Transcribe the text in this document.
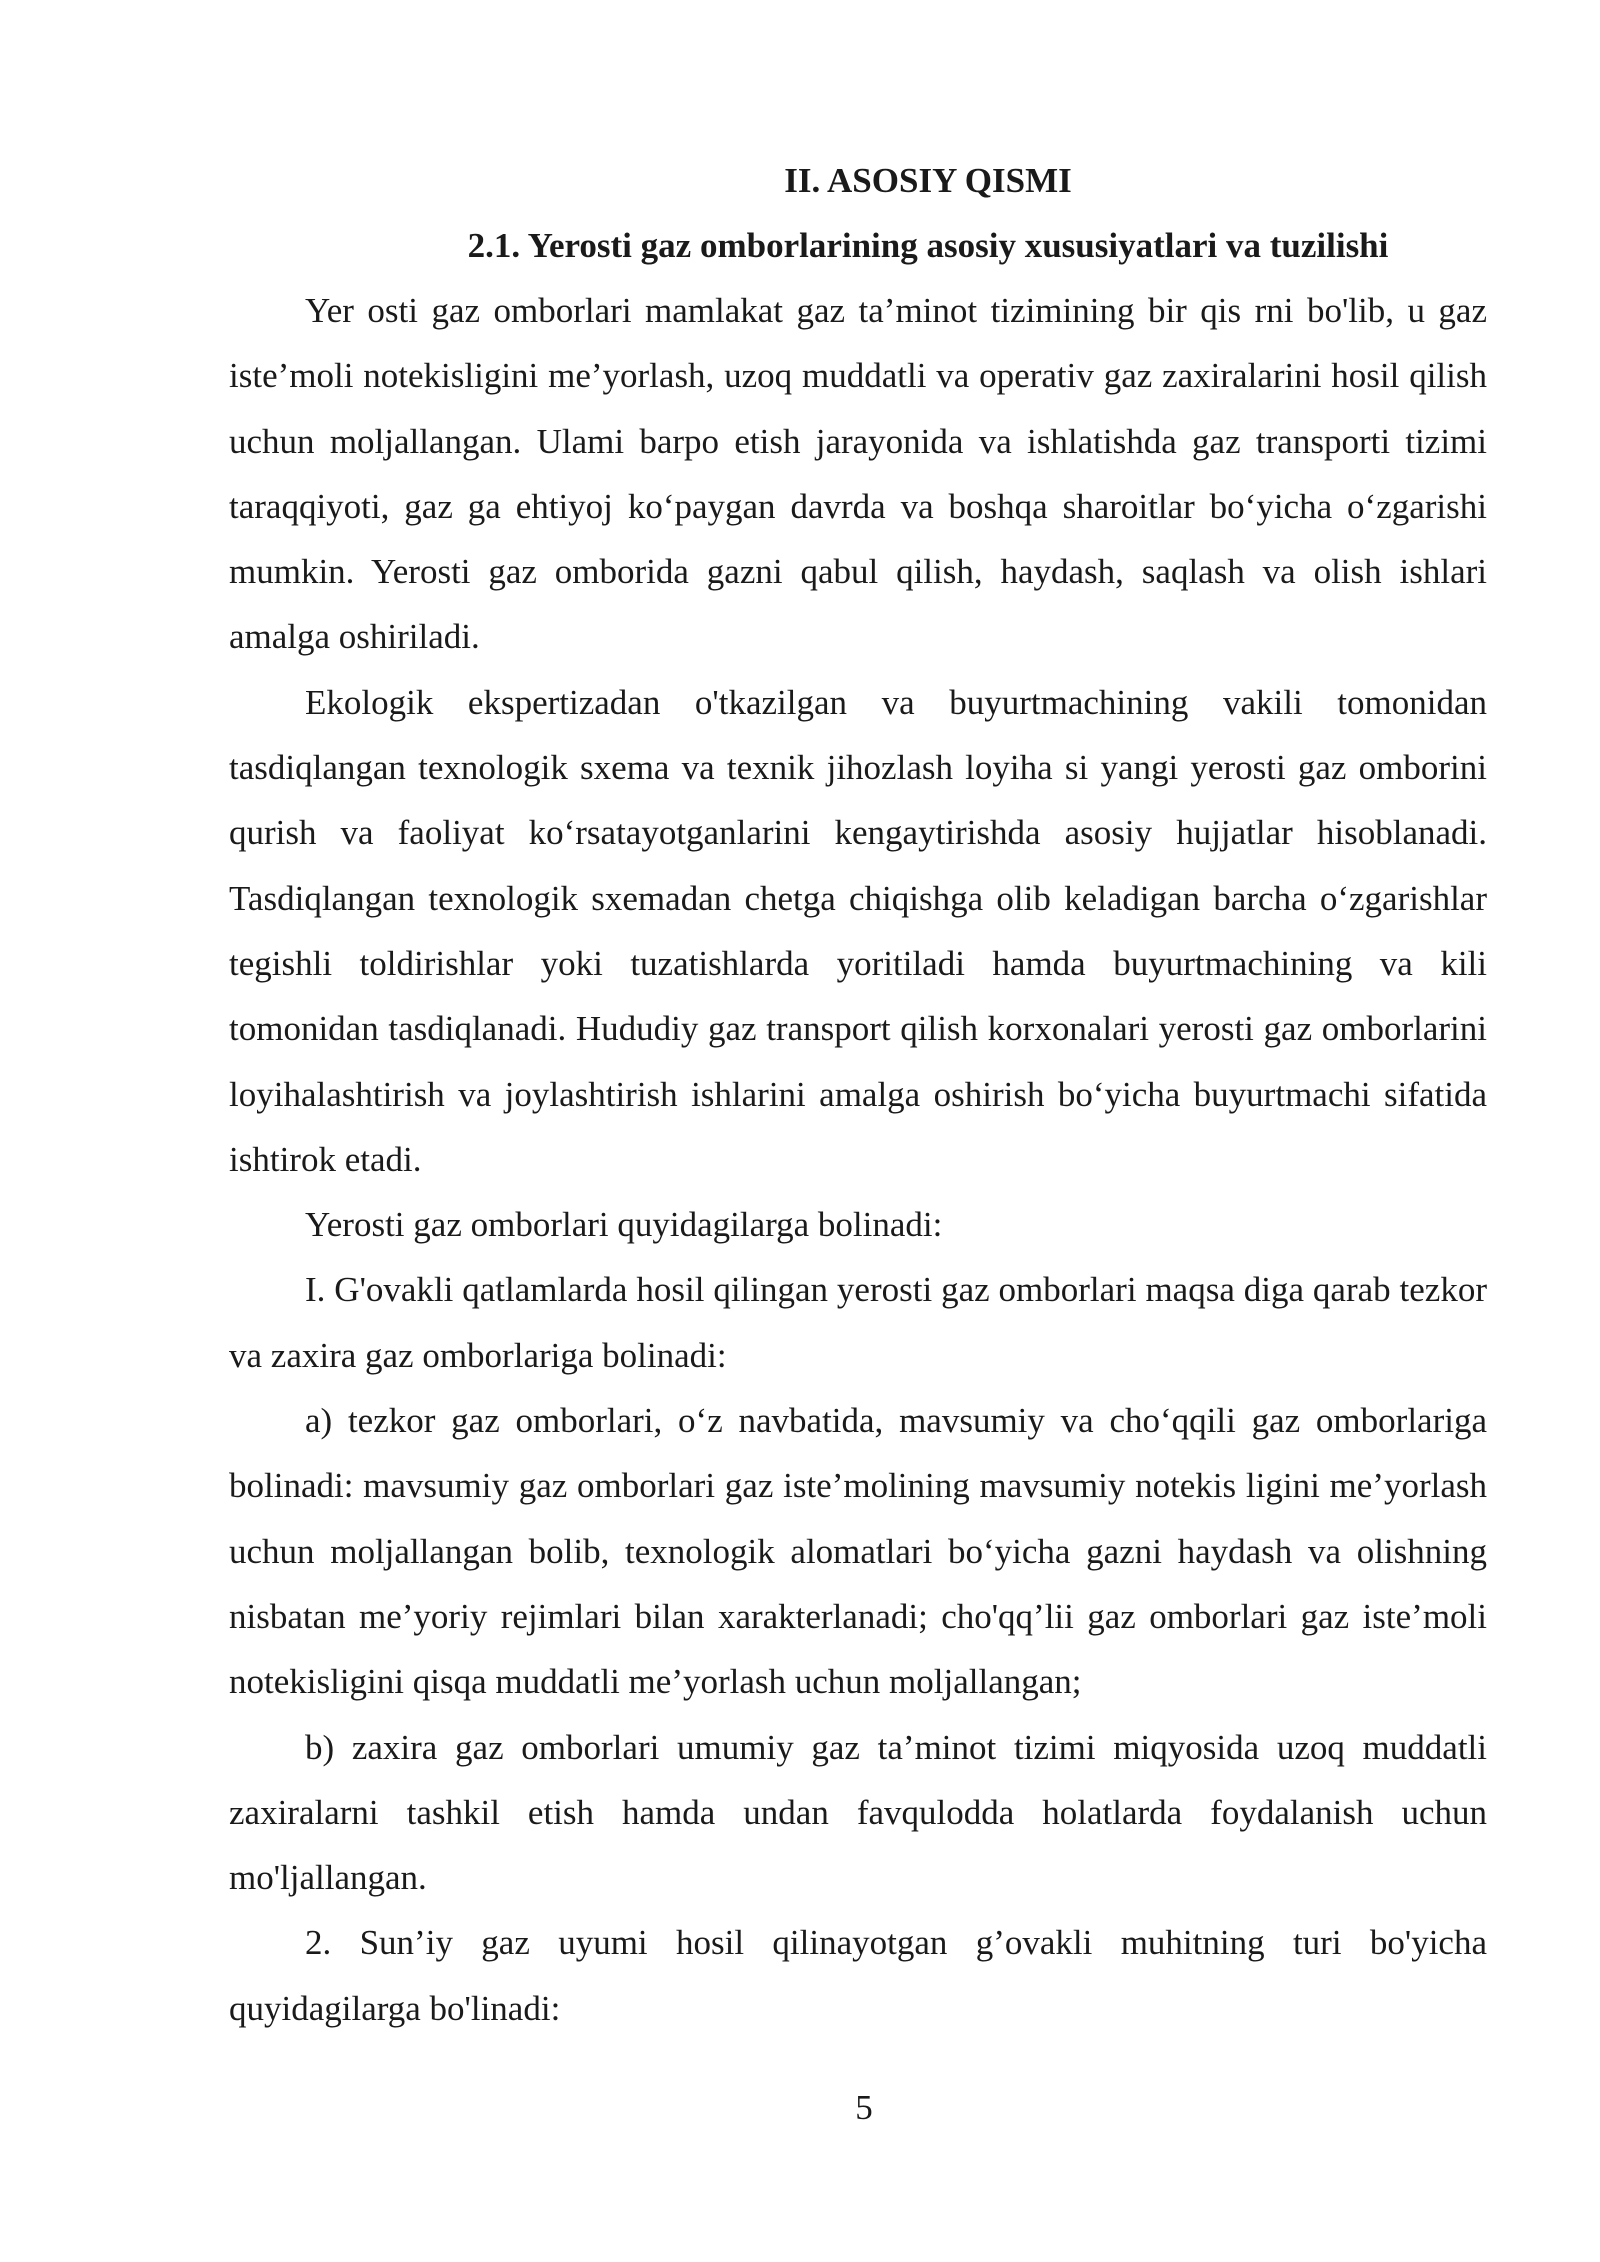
II. ASOSIY QISMI
2.1. Yerosti gaz omborlarining asosiy xususiyatlari va tuzilishi

Yer osti gaz omborlari mamlakat gaz ta’minot tizimining bir qis rni bo'lib, u gaz iste’moli notekisligini me’yorlash, uzoq muddatli va operativ gaz zaxiralarini hosil qilish uchun moljallangan. Ulami barpo etish jarayonida va ishlatishda gaz transporti tizimi taraqqiyoti, gaz ga ehtiyoj ko‘paygan davrda va boshqa sharoitlar bo‘yicha o‘zgarishi mumkin. Yerosti gaz omborida gazni qabul qilish, haydash, saqlash va olish ishlari amalga oshiriladi.

Ekologik ekspertizadan o'tkazilgan va buyurtmachining vakili tomonidan tasdiqlangan texnologik sxema va texnik jihozlash loyiha si yangi yerosti gaz omborini qurish va faoliyat ko‘rsatayotganlarini kengaytirishda asosiy hujjatlar hisoblanadi. Tasdiqlangan texnologik sxemadan chetga chiqishga olib keladigan barcha o‘zgarishlar tegishli toldirishlar yoki tuzatishlarda yoritiladi hamda buyurtmachining va kili tomonidan tasdiqlanadi. Hududiy gaz transport qilish korxonalari yerosti gaz omborlarini loyihalashtirish va joylashtirish ishlarini amalga oshirish bo‘yicha buyurtmachi sifatida ishtirok etadi.

Yerosti gaz omborlari quyidagilarga bolinadi:

I. G'ovakli qatlamlarda hosil qilingan yerosti gaz omborlari maqsa diga qarab tezkor va zaxira gaz omborlariga bolinadi:

a) tezkor gaz omborlari, o‘z navbatida, mavsumiy va cho‘qqili gaz omborlariga bolinadi: mavsumiy gaz omborlari gaz iste’molining mavsumiy notekis ligini me’yorlash uchun moljallangan bolib, texnologik alomatlari bo‘yicha gazni haydash va olishning nisbatan me’yoriy rejimlari bilan xarakterlanadi; cho'qq’lii gaz omborlari gaz iste’moli notekisligini qisqa muddatli me’yorlash uchun moljallangan;

b) zaxira gaz omborlari umumiy gaz ta’minot tizimi miqyosida uzoq muddatli zaxiralarni tashkil etish hamda undan favqulodda holatlarda foydalanish uchun mo'ljallangan.

2. Sun’iy gaz uyumi hosil qilinayotgan g’ovakli muhitning turi bo'yicha quyidagilarga bo'linadi:

5
